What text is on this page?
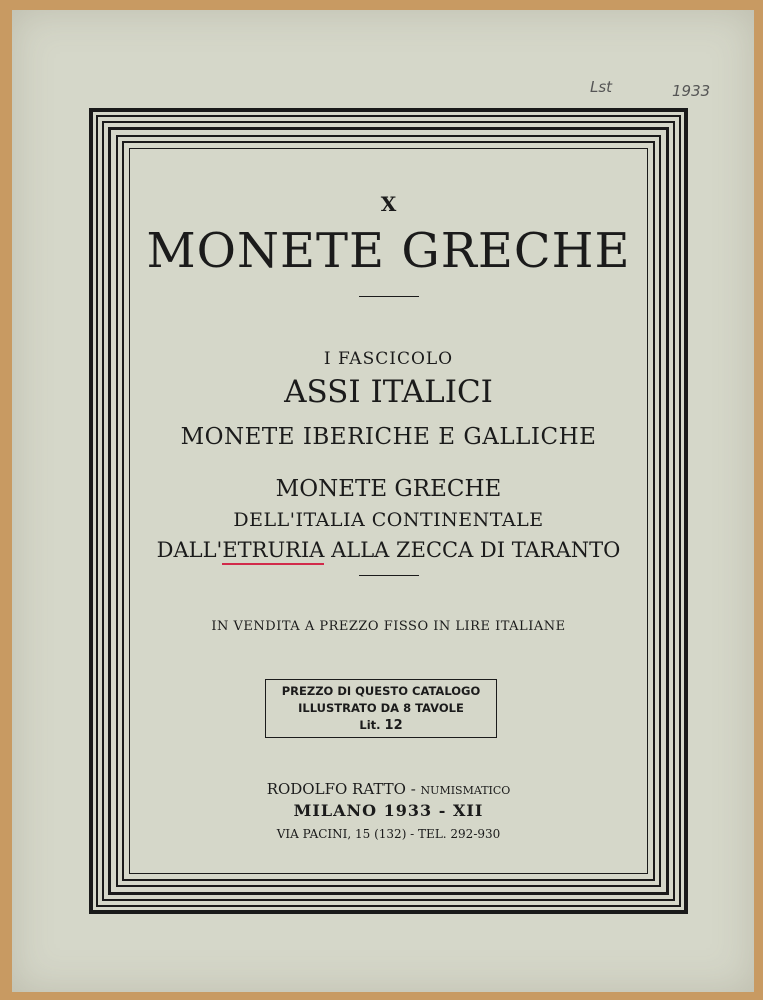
Lst	1933
X
MONETE GRECHE
I FASCICOLO
ASSI ITALICI
MONETE IBERICHE E GALLICHE
MONETE GRECHE
DELL'ITALIA CONTINENTALE
DALL'ETRURIA ALLA ZECCA DI TARANTO
IN VENDITA A PREZZO FISSO IN LIRE ITALIANE
PREZZO DI QUESTO CATALOGO
ILLUSTRATO DA 8 TAVOLE
Lit. 12
RODOLFO RATTO - NUMISMATICO
MILANO 1933 - XII
VIA PACINI, 15 (132) - TEL. 292-930
